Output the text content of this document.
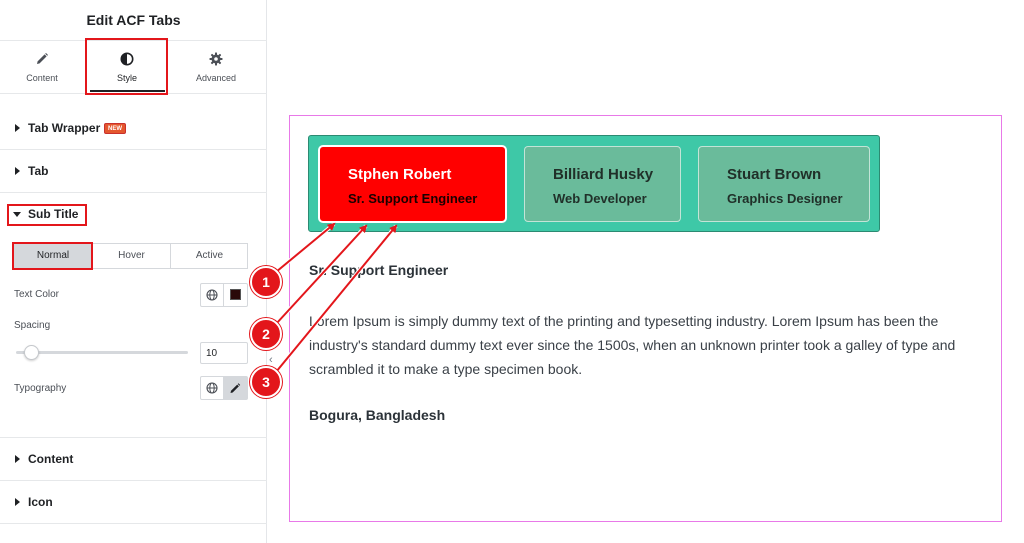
Edit ACF Tabs
Content	Style	Advanced
Tab Wrapper	NEW
Tab
Sub Title
Normal	Hover	Active
Text Color
Spacing
10
Typography
Content
Icon
‹
Stphen Robert
Sr. Support Engineer
Billiard Husky
Web Developer
Stuart Brown
Graphics Designer
Sr. Support Engineer
Lorem Ipsum is simply dummy text of the printing and typesetting industry. Lorem Ipsum has been the industry's standard dummy text ever since the 1500s, when an unknown printer took a galley of type and scrambled it to make a type specimen book.
Bogura, Bangladesh
1
2
3
